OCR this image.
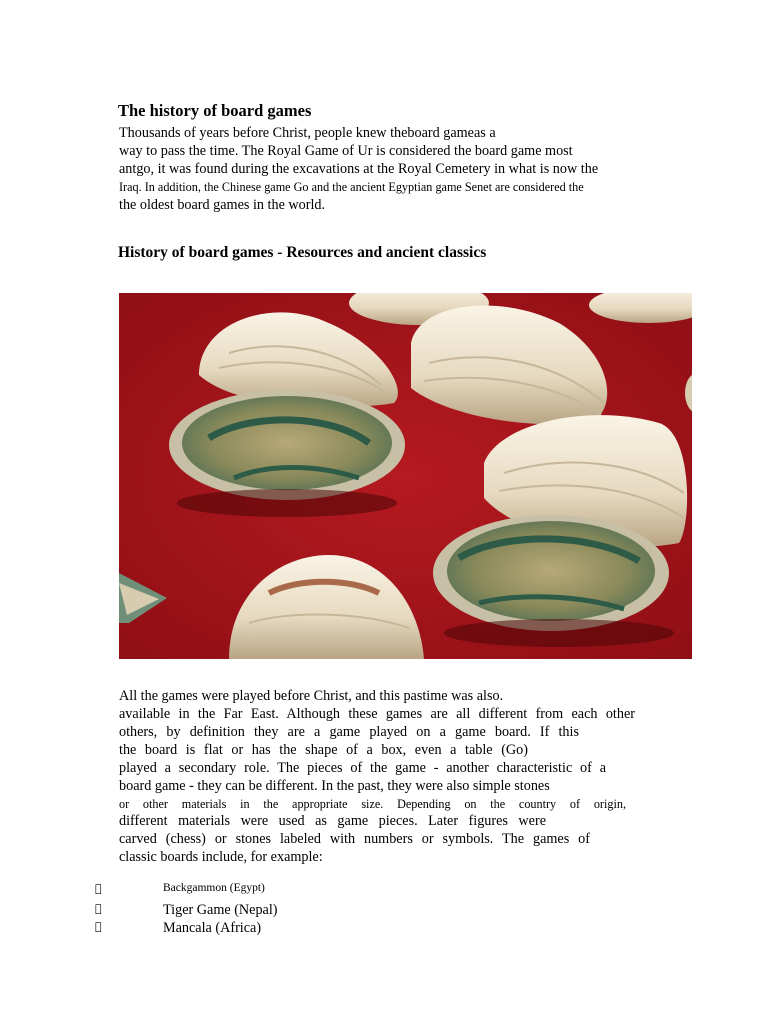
The history of board games
Thousands of years before Christ, people knew theboard gameas a
way to pass the time. The Royal Game of Ur is considered the board game most
antgo, it was found during the excavations at the Royal Cemetery in what is now the
Iraq. In addition, the Chinese game Go and the ancient Egyptian game Senet are considered the
the oldest board games in the world.
History of board games - Resources and ancient classics
All the games were played before Christ, and this pastime was also.
available in the Far East. Although these games are all different from each other
others, by definition they are a game played on a game board. If this
the board is flat or has the shape of a box, even a table (Go)
played a secondary role. The pieces of the game - another characteristic of a
board game - they can be different. In the past, they were also simple stones
or other materials in the appropriate size. Depending on the country of origin,
different materials were used as game pieces. Later figures were
carved (chess) or stones labeled with numbers or symbols. The games of
classic boards include, for example:
Backgammon (Egypt)
Tiger Game (Nepal)
Mancala (Africa)
